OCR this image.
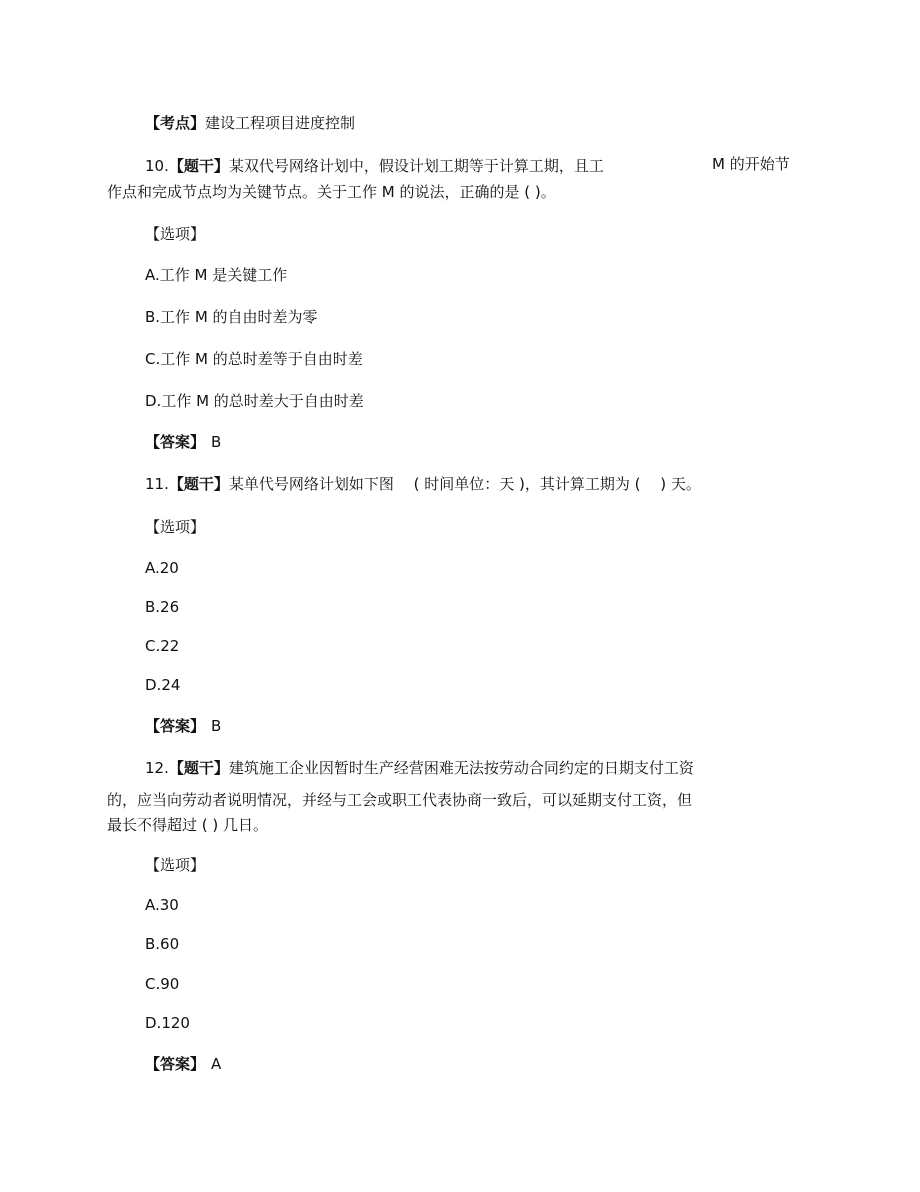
【考点】建设工程项目进度控制
10.【题干】某双代号网络计划中，假设计划工期等于计算工期，且工	M 的开始节
作点和完成节点均为关键节点。关于工作 M 的说法，正确的是 ( )。
【选项】
A.工作 M 是关键工作
B.工作 M 的自由时差为零
C.工作 M 的总时差等于自由时差
D.工作 M 的总时差大于自由时差
【答案】 B
11.【题干】某单代号网络计划如下图　 ( 时间单位：天 )，其计算工期为 (　 ) 天。
【选项】
A.20
B.26
C.22
D.24
【答案】 B
12.【题干】建筑施工企业因暂时生产经营困难无法按劳动合同约定的日期支付工资
的，应当向劳动者说明情况，并经与工会或职工代表协商一致后，可以延期支付工资，但
最长不得超过 ( ) 几日。
【选项】
A.30
B.60
C.90
D.120
【答案】 A
